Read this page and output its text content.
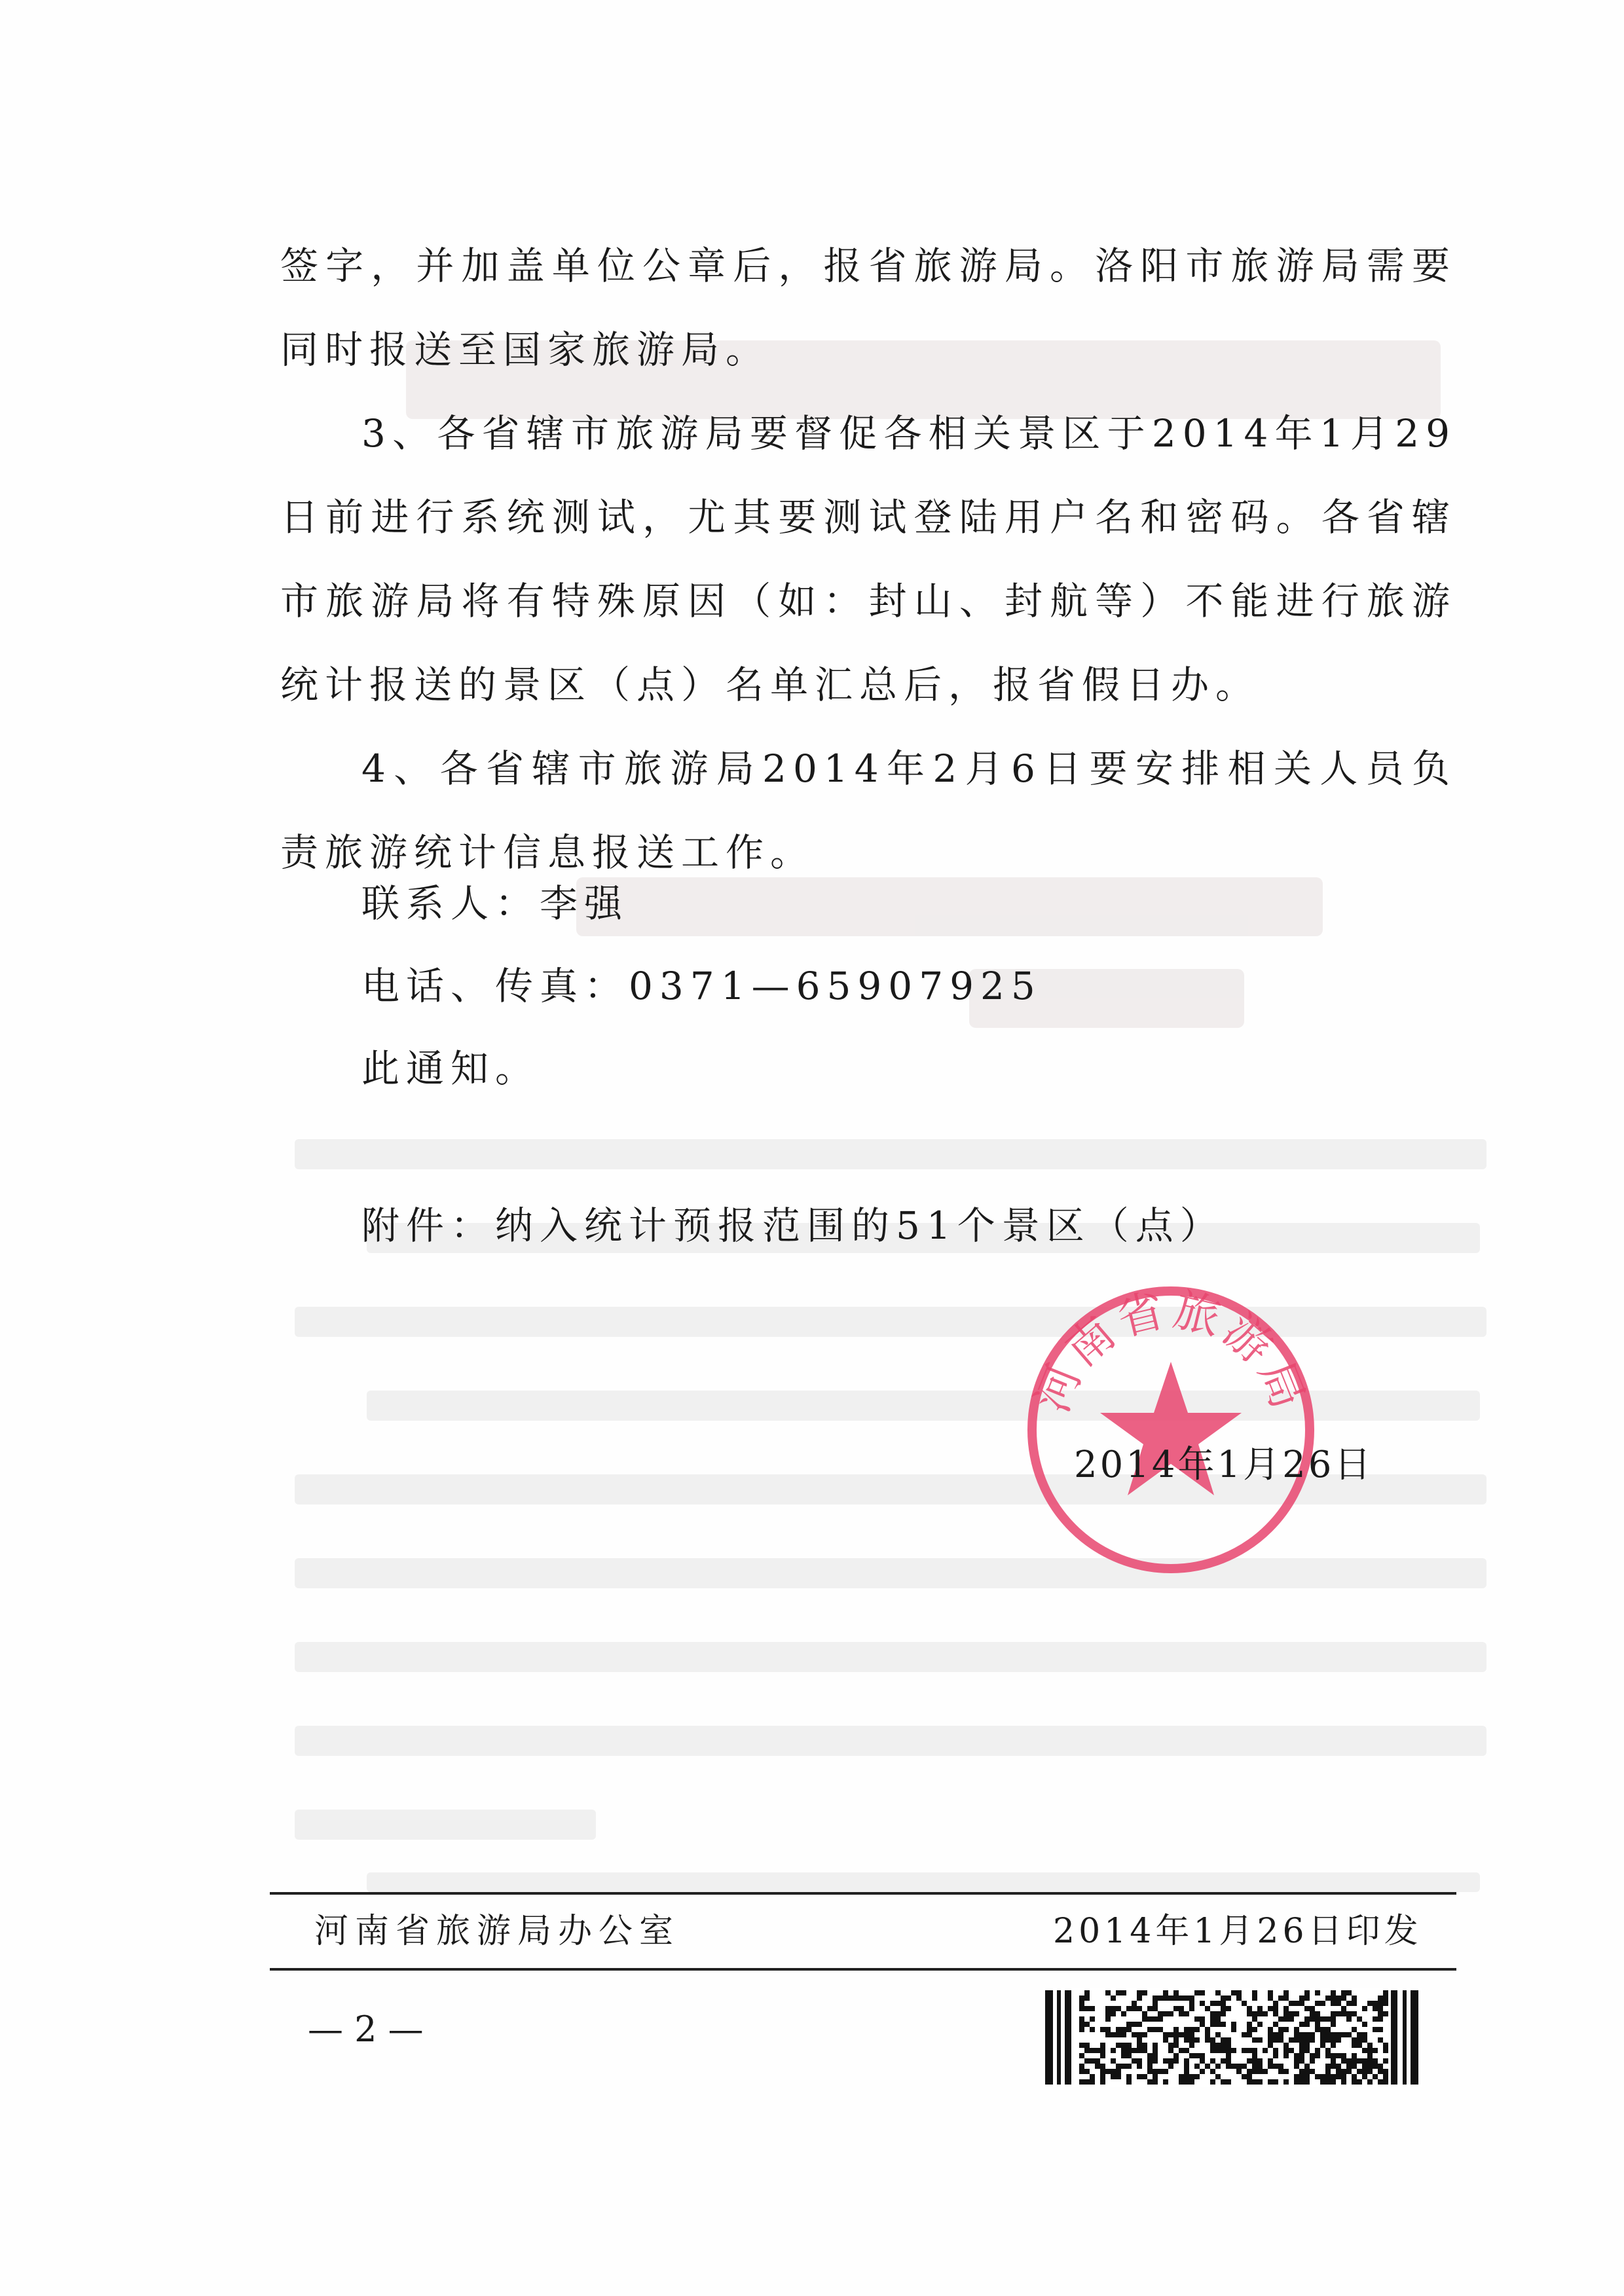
签字，并加盖单位公章后，报省旅游局。洛阳市旅游局需要同时报送至国家旅游局。

3、各省辖市旅游局要督促各相关景区于2014年1月29日前进行系统测试，尤其要测试登陆用户名和密码。各省辖市旅游局将有特殊原因（如：封山、封航等）不能进行旅游统计报送的景区（点）名单汇总后，报省假日办。

4、各省辖市旅游局2014年2月6日要安排相关人员负责旅游统计信息报送工作。

联系人：李强

电话、传真：0371—65907925

此通知。

附件：纳入统计预报范围的51个景区（点）

河南省旅游局
2014年1月26日
河南省旅游局办公室	2014年1月26日印发
— 2 —
